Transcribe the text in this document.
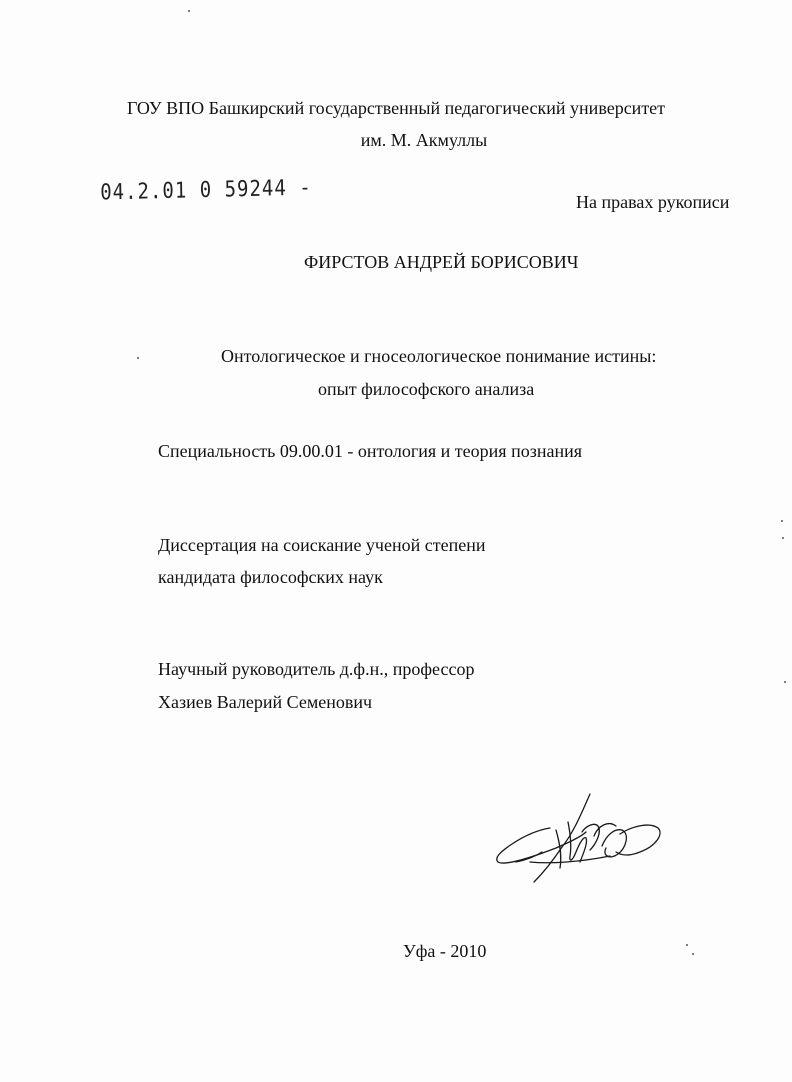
ГОУ ВПО Башкирский государственный педагогический университет
им. М. Акмуллы
04.2.01 0 59244 -	На правах рукописи
ФИРСТОВ АНДРЕЙ БОРИСОВИЧ
Онтологическое и гносеологическое понимание истины:
опыт философского анализа
Специальность 09.00.01 - онтология и теория познания
Диссертация на соискание ученой степени
кандидата философских наук
Научный руководитель д.ф.н., профессор
Хазиев Валерий Семенович
Уфа - 2010
